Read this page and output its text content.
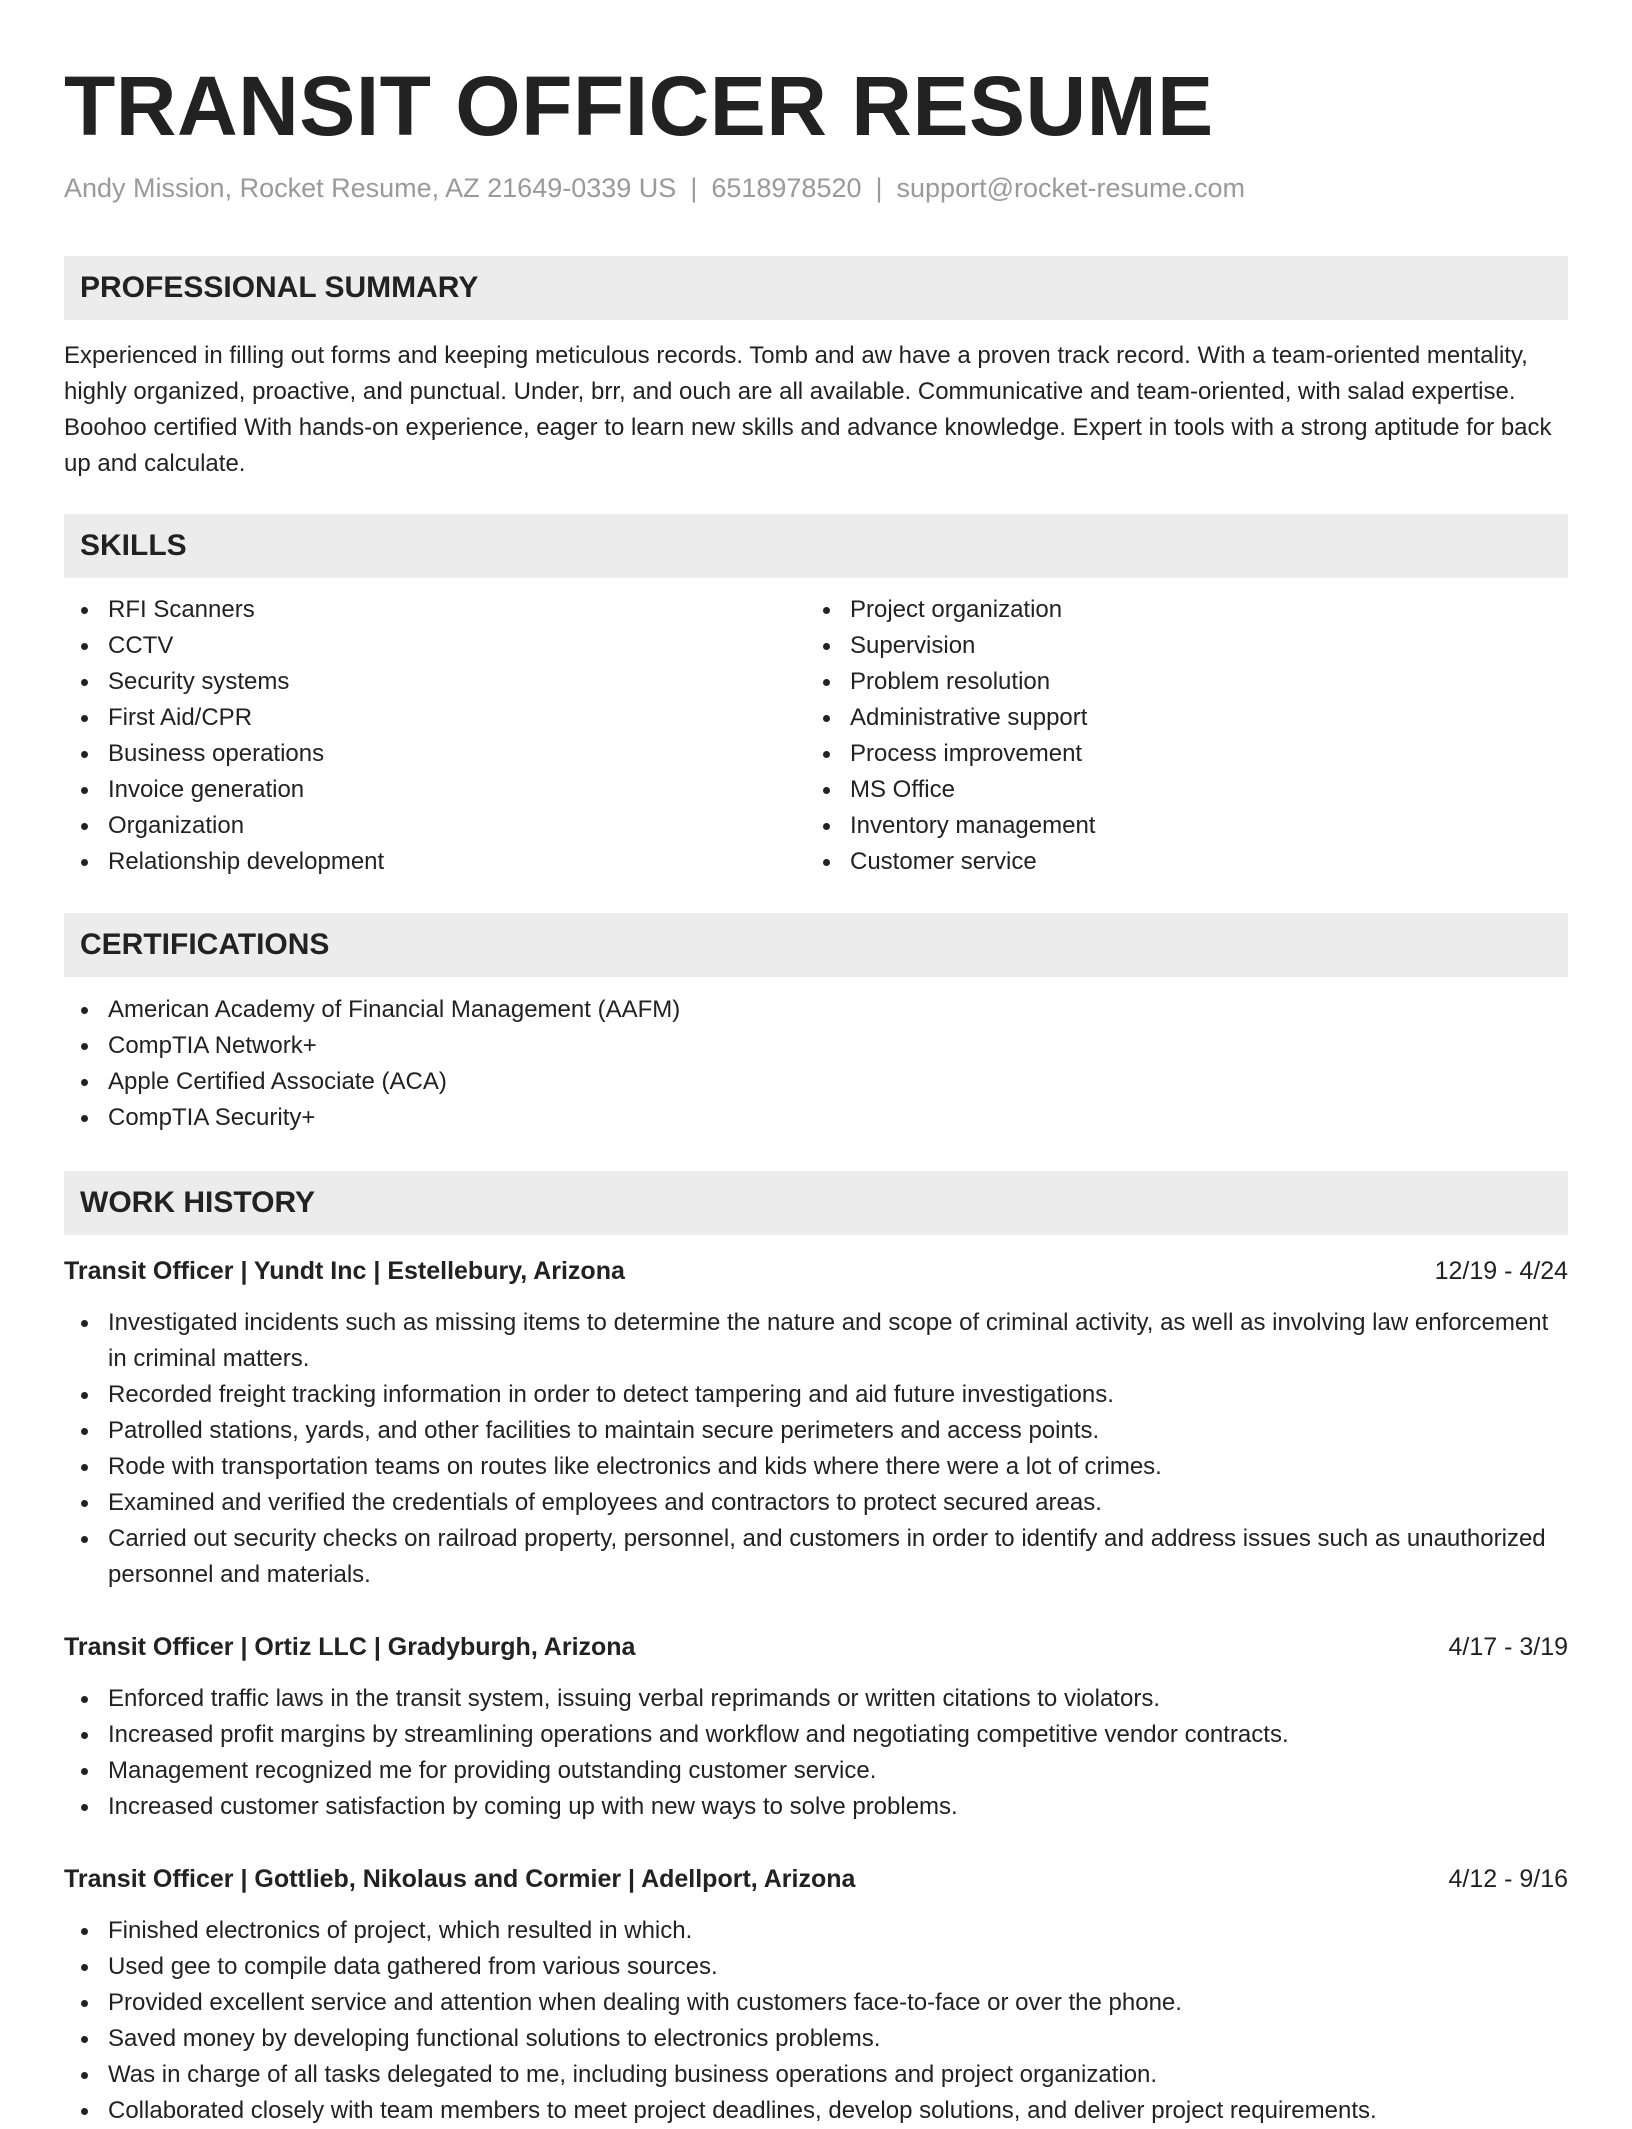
TRANSIT OFFICER RESUME
Andy Mission, Rocket Resume, AZ 21649-0339 US | 6518978520 | support@rocket-resume.com
PROFESSIONAL SUMMARY

Experienced in filling out forms and keeping meticulous records. Tomb and aw have a proven track record. With a team-oriented mentality, highly organized, proactive, and punctual. Under, brr, and ouch are all available. Communicative and team-oriented, with salad expertise. Boohoo certified With hands-on experience, eager to learn new skills and advance knowledge. Expert in tools with a strong aptitude for back up and calculate.

SKILLS
RFI Scanners
CCTV
Security systems
First Aid/CPR
Business operations
Invoice generation
Organization
Relationship development
Project organization
Supervision
Problem resolution
Administrative support
Process improvement
MS Office
Inventory management
Customer service
CERTIFICATIONS
American Academy of Financial Management (AAFM)
CompTIA Network+
Apple Certified Associate (ACA)
CompTIA Security+
WORK HISTORY
Transit Officer | Yundt Inc | Estellebury, Arizona	12/19 - 4/24
Investigated incidents such as missing items to determine the nature and scope of criminal activity, as well as involving law enforcement in criminal matters.
Recorded freight tracking information in order to detect tampering and aid future investigations.
Patrolled stations, yards, and other facilities to maintain secure perimeters and access points.
Rode with transportation teams on routes like electronics and kids where there were a lot of crimes.
Examined and verified the credentials of employees and contractors to protect secured areas.
Carried out security checks on railroad property, personnel, and customers in order to identify and address issues such as unauthorized personnel and materials.
Transit Officer | Ortiz LLC | Gradyburgh, Arizona	4/17 - 3/19
Enforced traffic laws in the transit system, issuing verbal reprimands or written citations to violators.
Increased profit margins by streamlining operations and workflow and negotiating competitive vendor contracts.
Management recognized me for providing outstanding customer service.
Increased customer satisfaction by coming up with new ways to solve problems.
Transit Officer | Gottlieb, Nikolaus and Cormier | Adellport, Arizona	4/12 - 9/16
Finished electronics of project, which resulted in which.
Used gee to compile data gathered from various sources.
Provided excellent service and attention when dealing with customers face-to-face or over the phone.
Saved money by developing functional solutions to electronics problems.
Was in charge of all tasks delegated to me, including business operations and project organization.
Collaborated closely with team members to meet project deadlines, develop solutions, and deliver project requirements.
